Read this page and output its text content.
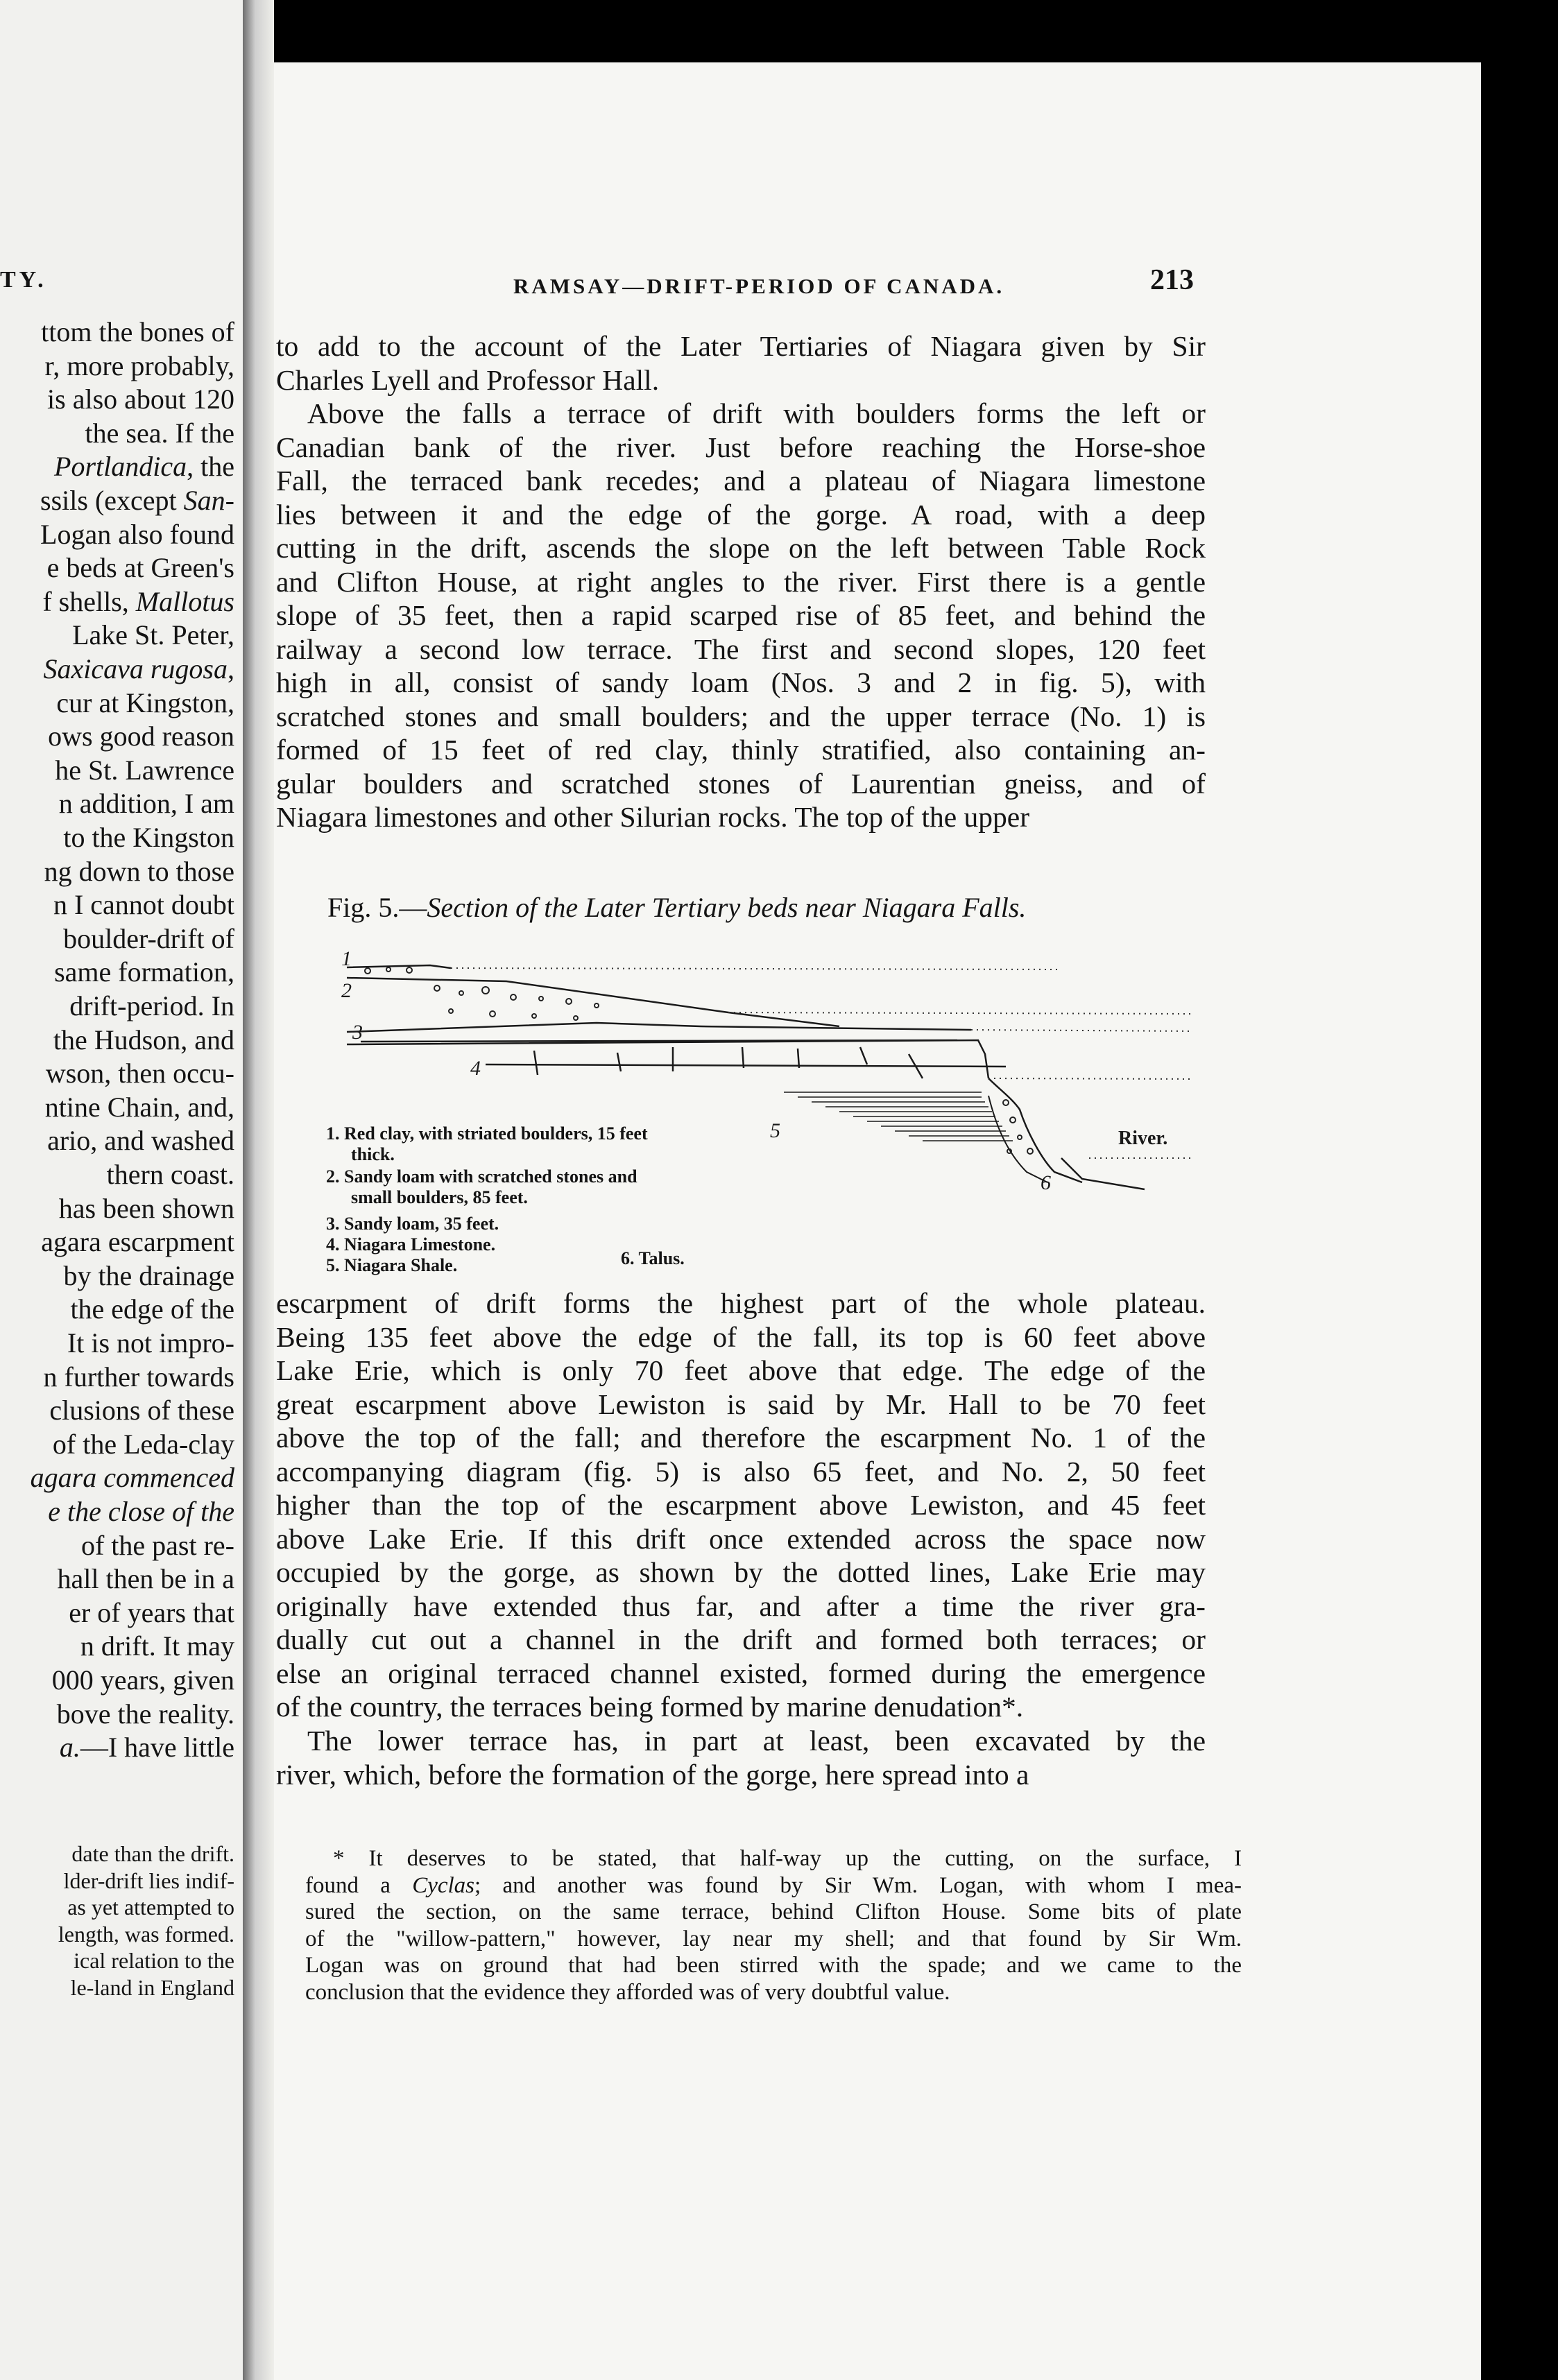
TY.
ttom the bones of
r, more probably,
is also about 120
the sea. If the
Portlandica, the
ssils (except San-
Logan also found
e beds at Green's
f shells, Mallotus
Lake St. Peter,
Saxicava rugosa,
cur at Kingston,
ows good reason
he St. Lawrence
n addition, I am
to the Kingston
ng down to those
n I cannot doubt
boulder-drift of
same formation,
drift-period. In
the Hudson, and
wson, then occu-
ntine Chain, and,
ario, and washed
thern coast.
has been shown
agara escarpment
by the drainage
the edge of the
It is not impro-
n further towards
clusions of these
of the Leda-clay
agara commenced
e the close of the
of the past re-
hall then be in a
er of years that
n drift. It may
000 years, given
bove the reality.
a.—I have little
date than the drift.
lder-drift lies indif-
as yet attempted to
length, was formed.
ical relation to the
le-land in England
RAMSAY—DRIFT-PERIOD OF CANADA.	213
to add to the account of the Later Tertiaries of Niagara given by Sir
Charles Lyell and Professor Hall.
Above the falls a terrace of drift with boulders forms the left or
Canadian bank of the river. Just before reaching the Horse-shoe
Fall, the terraced bank recedes; and a plateau of Niagara limestone
lies between it and the edge of the gorge. A road, with a deep
cutting in the drift, ascends the slope on the left between Table Rock
and Clifton House, at right angles to the river. First there is a gentle
slope of 35 feet, then a rapid scarped rise of 85 feet, and behind the
railway a second low terrace. The first and second slopes, 120 feet
high in all, consist of sandy loam (Nos. 3 and 2 in fig. 5), with
scratched stones and small boulders; and the upper terrace (No. 1) is
formed of 15 feet of red clay, thinly stratified, also containing an-
gular boulders and scratched stones of Laurentian gneiss, and of
Niagara limestones and other Silurian rocks. The top of the upper
Fig. 5.—Section of the Later Tertiary beds near Niagara Falls.
1
2
3
4
5
6
River.
1. Red clay, with striated boulders, 15 feet
thick.
2. Sandy loam with scratched stones and
small boulders, 85 feet.
3. Sandy loam, 35 feet.
4. Niagara Limestone.
5. Niagara Shale.	6. Talus.
escarpment of drift forms the highest part of the whole plateau.
Being 135 feet above the edge of the fall, its top is 60 feet above
Lake Erie, which is only 70 feet above that edge. The edge of the
great escarpment above Lewiston is said by Mr. Hall to be 70 feet
above the top of the fall; and therefore the escarpment No. 1 of the
accompanying diagram (fig. 5) is also 65 feet, and No. 2, 50 feet
higher than the top of the escarpment above Lewiston, and 45 feet
above Lake Erie. If this drift once extended across the space now
occupied by the gorge, as shown by the dotted lines, Lake Erie may
originally have extended thus far, and after a time the river gra-
dually cut out a channel in the drift and formed both terraces; or
else an original terraced channel existed, formed during the emergence
of the country, the terraces being formed by marine denudation*.
The lower terrace has, in part at least, been excavated by the
river, which, before the formation of the gorge, here spread into a
* It deserves to be stated, that half-way up the cutting, on the surface, I
found a Cyclas; and another was found by Sir Wm. Logan, with whom I mea-
sured the section, on the same terrace, behind Clifton House. Some bits of plate
of the "willow-pattern," however, lay near my shell; and that found by Sir Wm.
Logan was on ground that had been stirred with the spade; and we came to the
conclusion that the evidence they afforded was of very doubtful value.
